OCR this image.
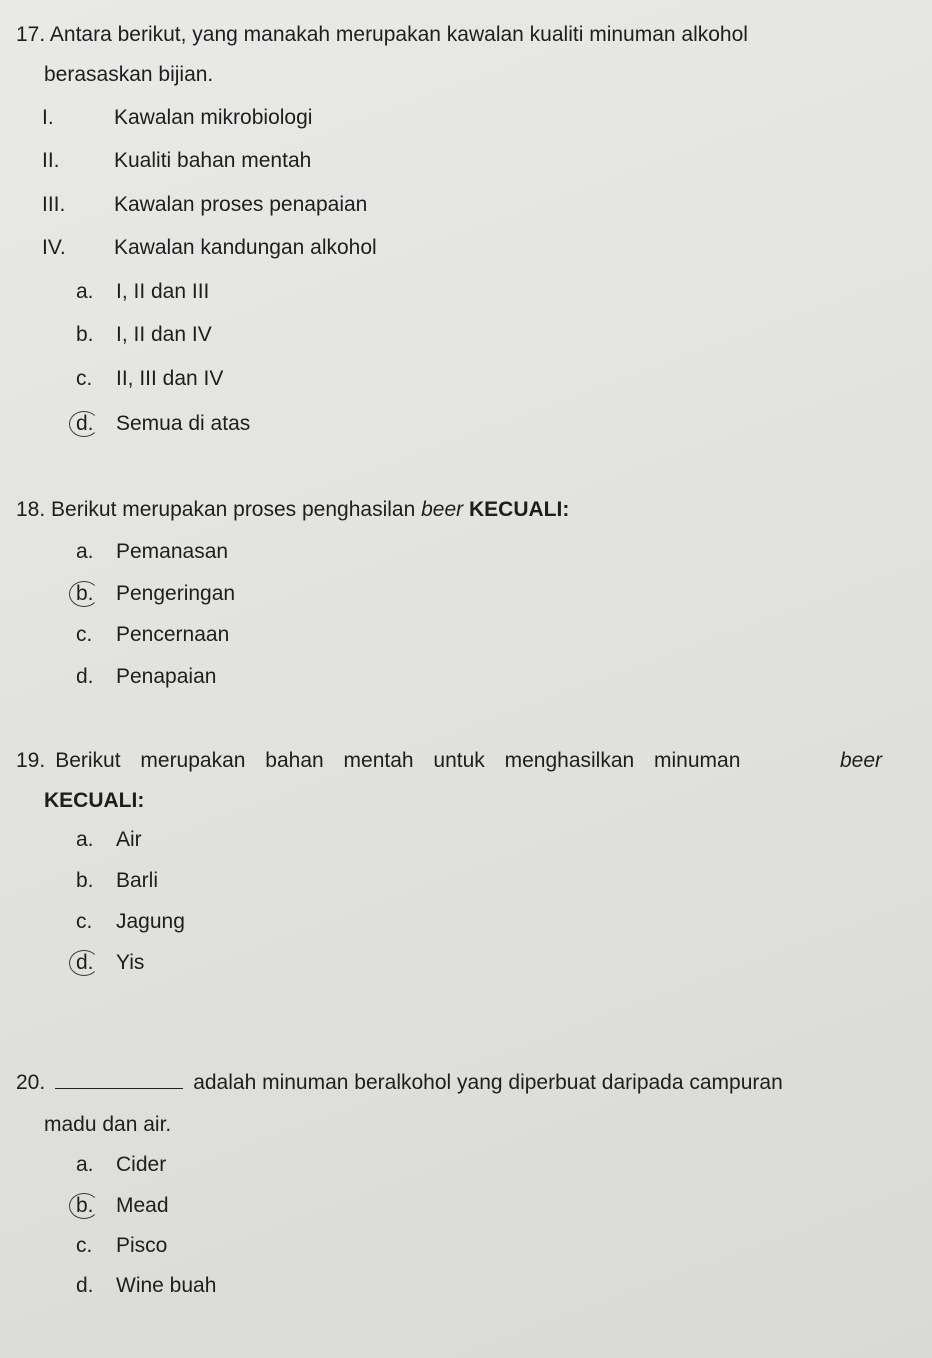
17. Antara berikut, yang manakah merupakan kawalan kualiti minuman alkohol
berasaskan bijian.
I.	Kawalan mikrobiologi
II.	Kualiti bahan mentah
III. Kawalan proses penapaian
IV. Kawalan kandungan alkohol
a. I, II dan III
b. I, II dan IV
c. II, III dan IV
d. Semua di atas
18. Berikut merupakan proses penghasilan beer KECUALI:
a. Pemanasan
b. Pengeringan
c. Pencernaan
d. Penapaian
19. Berikut merupakan bahan mentah untuk menghasilkan minuman	beer
KECUALI:
a. Air
b. Barli
c. Jagung
d. Yis
20.	adalah minuman beralkohol yang diperbuat daripada campuran
madu dan air.
a. Cider
b. Mead
c. Pisco
d. Wine buah
